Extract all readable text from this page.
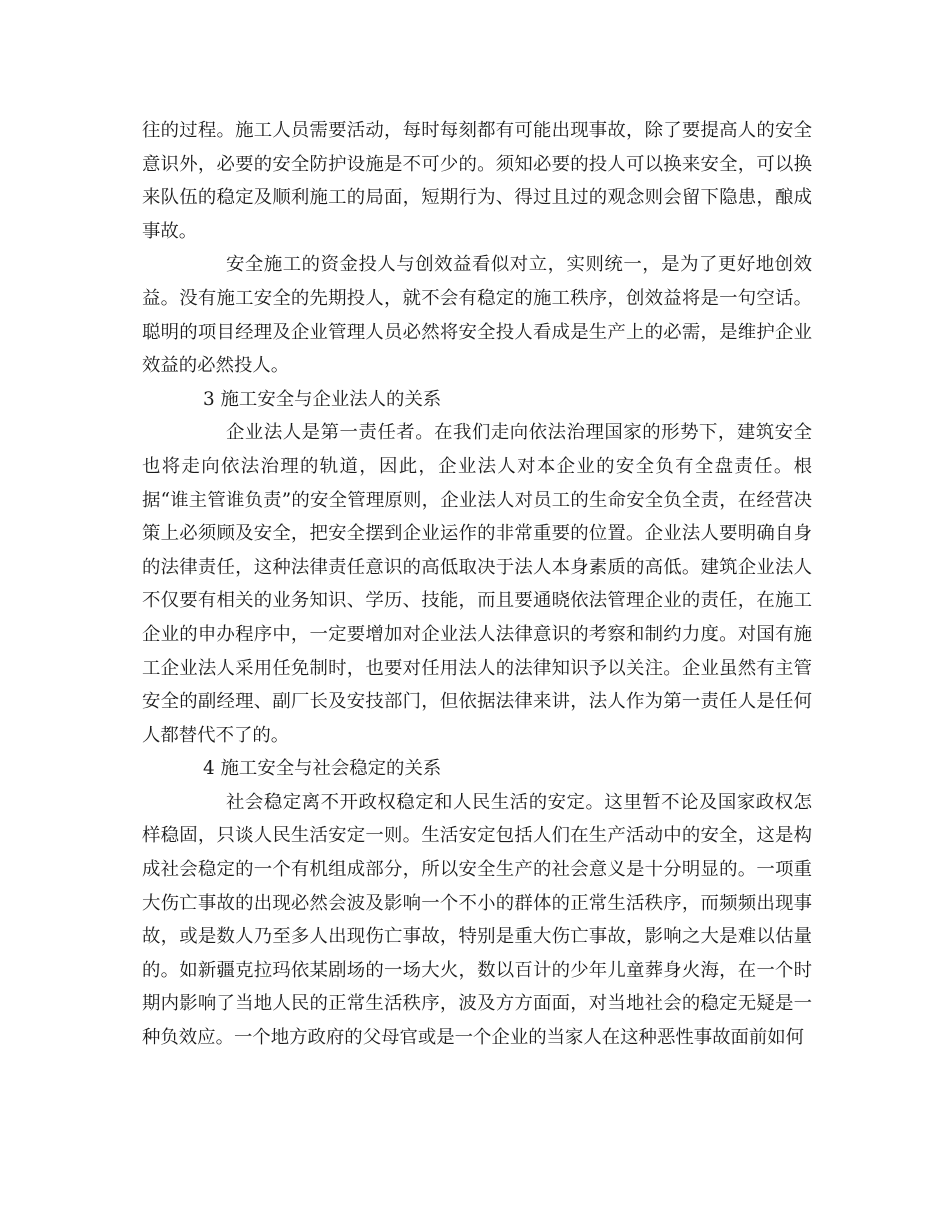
往的过程。施工人员需要活动，每时每刻都有可能出现事故，除了要提高人的安全意识外，必要的安全防护设施是不可少的。须知必要的投人可以换来安全，可以换来队伍的稳定及顺利施工的局面，短期行为、得过且过的观念则会留下隐患，酿成事故。

安全施工的资金投人与创效益看似对立，实则统一，是为了更好地创效益。没有施工安全的先期投人，就不会有稳定的施工秩序，创效益将是一句空话。聪明的项目经理及企业管理人员必然将安全投人看成是生产上的必需，是维护企业效益的必然投人。

3 施工安全与企业法人的关系

企业法人是第一责任者。在我们走向依法治理国家的形势下，建筑安全也将走向依法治理的轨道，因此，企业法人对本企业的安全负有全盘责任。根据“谁主管谁负责”的安全管理原则，企业法人对员工的生命安全负全责，在经营决策上必须顾及安全，把安全摆到企业运作的非常重要的位置。企业法人要明确自身的法律责任，这种法律责任意识的高低取决于法人本身素质的高低。建筑企业法人不仅要有相关的业务知识、学历、技能，而且要通晓依法管理企业的责任，在施工企业的申办程序中，一定要增加对企业法人法律意识的考察和制约力度。对国有施工企业法人采用任免制时，也要对任用法人的法律知识予以关注。企业虽然有主管安全的副经理、副厂长及安技部门，但依据法律来讲，法人作为第一责任人是任何人都替代不了的。

4 施工安全与社会稳定的关系

社会稳定离不开政权稳定和人民生活的安定。这里暂不论及国家政权怎样稳固，只谈人民生活安定一则。生活安定包括人们在生产活动中的安全，这是构成社会稳定的一个有机组成部分，所以安全生产的社会意义是十分明显的。一项重大伤亡事故的出现必然会波及影响一个不小的群体的正常生活秩序，而频频出现事故，或是数人乃至多人出现伤亡事故，特别是重大伤亡事故，影响之大是难以估量的。如新疆克拉玛依某剧场的一场大火，数以百计的少年儿童葬身火海，在一个时期内影响了当地人民的正常生活秩序，波及方方面面，对当地社会的稳定无疑是一种负效应。一个地方政府的父母官或是一个企业的当家人在这种恶性事故面前如何
